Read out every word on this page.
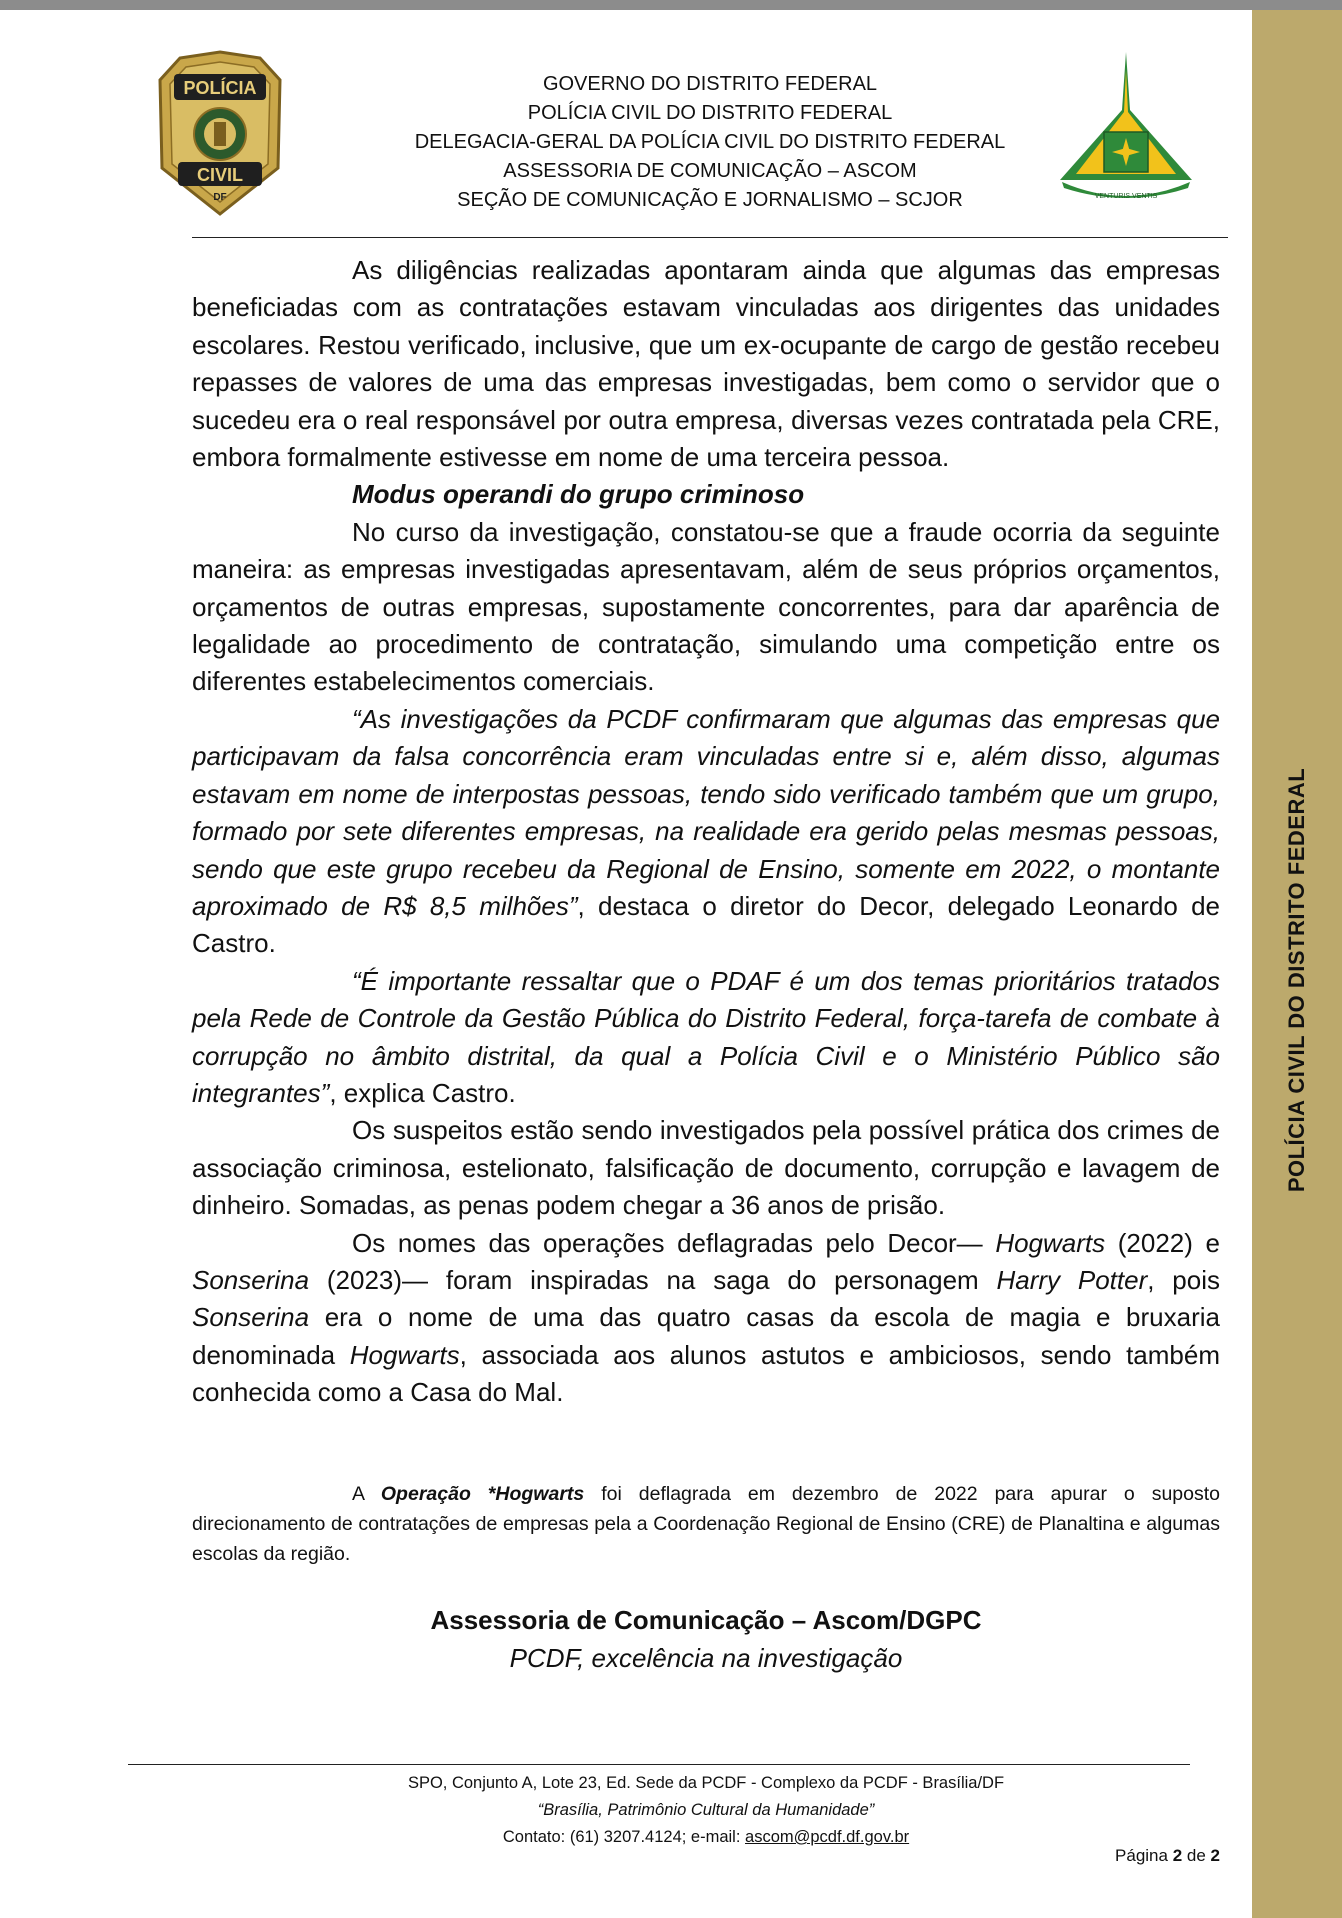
POLÍCIA CIVIL DO DISTRITO FEDERAL
POLÍCIA
CIVIL
DF	VENTURIS VENTIS
GOVERNO DO DISTRITO FEDERAL
POLÍCIA CIVIL DO DISTRITO FEDERAL
DELEGACIA-GERAL DA POLÍCIA CIVIL DO DISTRITO FEDERAL
ASSESSORIA DE COMUNICAÇÃO – ASCOM
SEÇÃO DE COMUNICAÇÃO E JORNALISMO – SCJOR

As diligências realizadas apontaram ainda que algumas das empresas beneficiadas com as contratações estavam vinculadas aos dirigentes das unidades escolares. Restou verificado, inclusive, que um ex-ocupante de cargo de gestão recebeu repasses de valores de uma das empresas investigadas, bem como o servidor que o sucedeu era o real responsável por outra empresa, diversas vezes contratada pela CRE, embora formalmente estivesse em nome de uma terceira pessoa.

Modus operandi do grupo criminoso

No curso da investigação, constatou-se que a fraude ocorria da seguinte maneira: as empresas investigadas apresentavam, além de seus próprios orçamentos, orçamentos de outras empresas, supostamente concorrentes, para dar aparência de legalidade ao procedimento de contratação, simulando uma competição entre os diferentes estabelecimentos comerciais.

“As investigações da PCDF confirmaram que algumas das empresas que participavam da falsa concorrência eram vinculadas entre si e, além disso, algumas estavam em nome de interpostas pessoas, tendo sido verificado também que um grupo, formado por sete diferentes empresas, na realidade era gerido pelas mesmas pessoas, sendo que este grupo recebeu da Regional de Ensino, somente em 2022, o montante aproximado de R$ 8,5 milhões”, destaca o diretor do Decor, delegado Leonardo de Castro.

“É importante ressaltar que o PDAF é um dos temas prioritários tratados pela Rede de Controle da Gestão Pública do Distrito Federal, força-tarefa de combate à corrupção no âmbito distrital, da qual a Polícia Civil e o Ministério Público são integrantes”, explica Castro.

Os suspeitos estão sendo investigados pela possível prática dos crimes de associação criminosa, estelionato, falsificação de documento, corrupção e lavagem de dinheiro. Somadas, as penas podem chegar a 36 anos de prisão.

Os nomes das operações deflagradas pelo Decor— Hogwarts (2022) e Sonserina (2023)— foram inspiradas na saga do personagem Harry Potter, pois Sonserina era o nome de uma das quatro casas da escola de magia e bruxaria denominada Hogwarts, associada aos alunos astutos e ambiciosos, sendo também conhecida como a Casa do Mal.

A Operação *Hogwarts foi deflagrada em dezembro de 2022 para apurar o suposto direcionamento de contratações de empresas pela a Coordenação Regional de Ensino (CRE) de Planaltina e algumas escolas da região.

Assessoria de Comunicação – Ascom/DGPC
PCDF, excelência na investigação
SPO, Conjunto A, Lote 23, Ed. Sede da PCDF - Complexo da PCDF - Brasília/DF
“Brasília, Patrimônio Cultural da Humanidade”
Contato: (61) 3207.4124; e-mail: ascom@pcdf.df.gov.br
Página 2 de 2
